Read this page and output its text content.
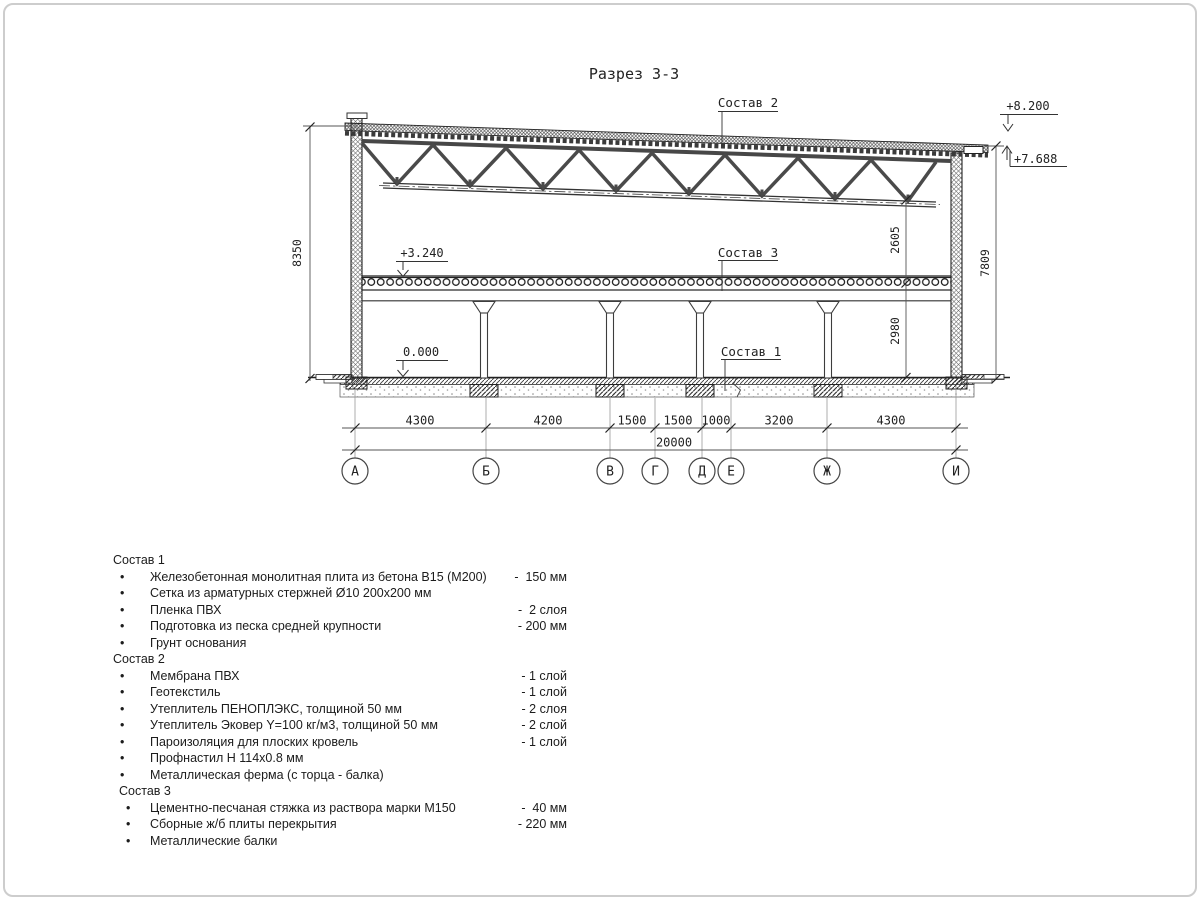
Разрез 3-3
Состав 2
Состав 3
Состав 1
+3.240
0.000
+8.200
+7.688
8350	7809
2605
2980
4300	4200	1500 1500 1000	3200	4300
20000
А	Б	В	Г	Д Е	Ж	И
Состав 1
• Железобетонная монолитная плита из бетона В15 (М200)	-  150 мм
• Сетка из арматурных стержней Ø10 200x200 мм
• Пленка ПВХ	-  2 слоя
• Подготовка из песка средней крупности	- 200 мм
• Грунт основания
Состав 2
• Мембрана ПВХ	- 1 слой
• Геотекстиль	- 1 слой
• Утеплитель ПЕНОПЛЭКС, толщиной 50 мм	- 2 слоя
• Утеплитель Эковер Y=100 кг/м3, толщиной 50 мм	- 2 слой
• Пароизоляция для плоских кровель	- 1 слой
• Профнастил Н 114x0.8 мм
• Металлическая ферма (с торца - балка)
Состав 3
• Цементно-песчаная стяжка из раствора марки М150	-  40 мм
• Сборные ж/б плиты перекрытия	- 220 мм
• Металлические балки
